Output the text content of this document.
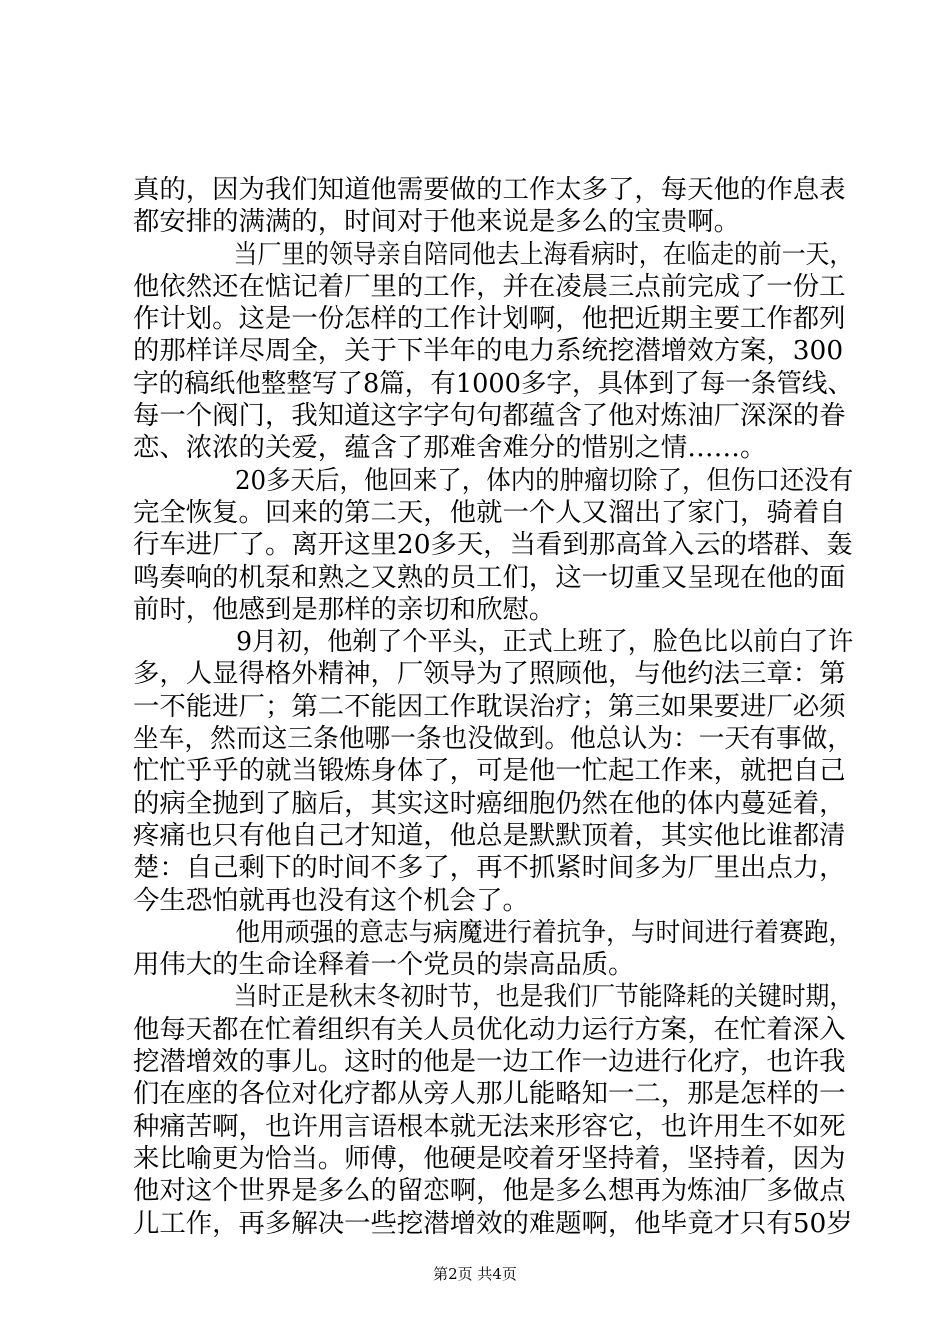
真的，因为我们知道他需要做的工作太多了，每天他的作息表
都安排的满满的，时间对于他来说是多么的宝贵啊。
当厂里的领导亲自陪同他去上海看病时，在临走的前一天，
他依然还在惦记着厂里的工作，并在凌晨三点前完成了一份工
作计划。这是一份怎样的工作计划啊，他把近期主要工作都列
的那样详尽周全，关于下半年的电力系统挖潜增效方案，300
字的稿纸他整整写了8篇，有1000多字，具体到了每一条管线、
每一个阀门，我知道这字字句句都蕴含了他对炼油厂深深的眷
恋、浓浓的关爱，蕴含了那难舍难分的惜别之情……。
20多天后，他回来了，体内的肿瘤切除了，但伤口还没有
完全恢复。回来的第二天，他就一个人又溜出了家门，骑着自
行车进厂了。离开这里20多天，当看到那高耸入云的塔群、轰
鸣奏响的机泵和熟之又熟的员工们，这一切重又呈现在他的面
前时，他感到是那样的亲切和欣慰。
9月初，他剃了个平头，正式上班了，脸色比以前白了许
多，人显得格外精神，厂领导为了照顾他，与他约法三章：第
一不能进厂；第二不能因工作耽误治疗；第三如果要进厂必须
坐车，然而这三条他哪一条也没做到。他总认为：一天有事做，
忙忙乎乎的就当锻炼身体了，可是他一忙起工作来，就把自己
的病全抛到了脑后，其实这时癌细胞仍然在他的体内蔓延着，
疼痛也只有他自己才知道，他总是默默顶着，其实他比谁都清
楚：自己剩下的时间不多了，再不抓紧时间多为厂里出点力，
今生恐怕就再也没有这个机会了。
他用顽强的意志与病魔进行着抗争，与时间进行着赛跑，
用伟大的生命诠释着一个党员的崇高品质。
当时正是秋末冬初时节，也是我们厂节能降耗的关键时期，
他每天都在忙着组织有关人员优化动力运行方案，在忙着深入
挖潜增效的事儿。这时的他是一边工作一边进行化疗，也许我
们在座的各位对化疗都从旁人那儿能略知一二，那是怎样的一
种痛苦啊，也许用言语根本就无法来形容它，也许用生不如死
来比喻更为恰当。师傅，他硬是咬着牙坚持着，坚持着，因为
他对这个世界是多么的留恋啊，他是多么想再为炼油厂多做点
儿工作，再多解决一些挖潜增效的难题啊，他毕竟才只有50岁
第2页 共4页
